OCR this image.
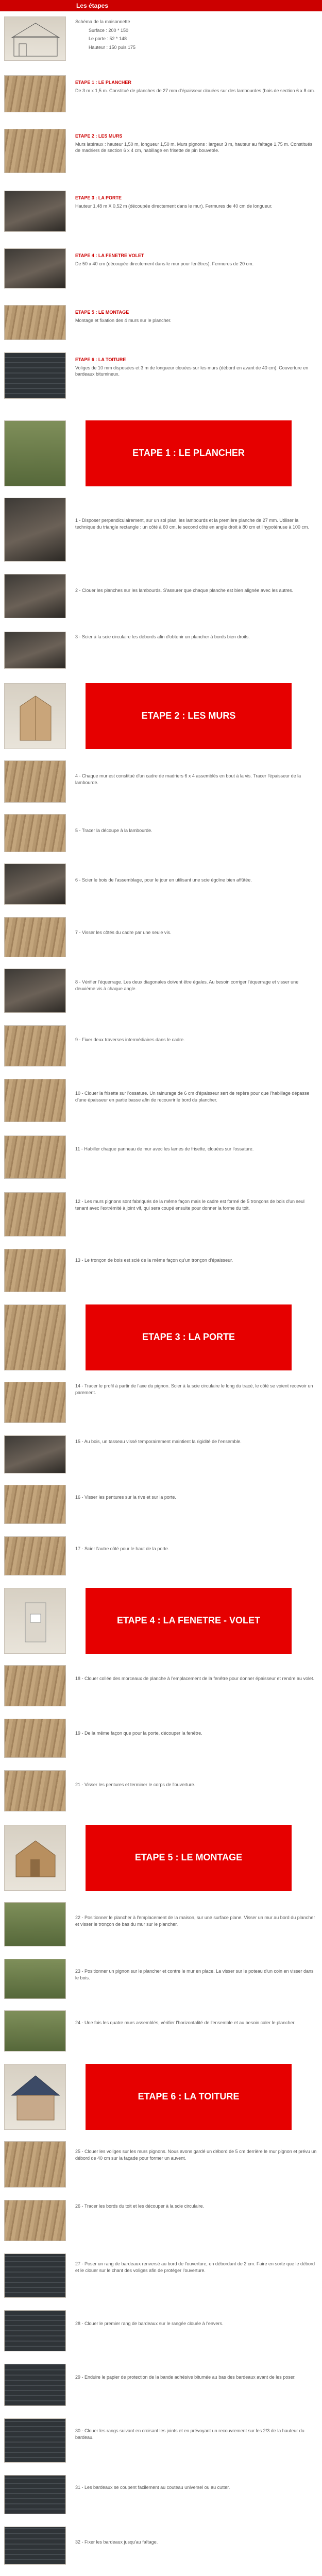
Les étapes

Schéma de la maisonnette

Surface : 200 * 150

Le porte : 52 * 148

Hauteur : 150 puis 175

ETAPE 1 : LE PLANCHER

De 3 m x 1,5 m. Constitué de planches de 27 mm d'épaisseur clouées sur des lambourdes (bois de section 6 x 8 cm.

ETAPE 2 : LES MURS

Murs latéraux : hauteur 1,50 m, longueur 1,50 m. Murs pignons : largeur 3 m, hauteur au faîtage 1,75 m. Constitués de madriers de section 6 x 4 cm, habillage en frisette de pin bouvetée.

ETAPE 3 : LA PORTE

Hauteur 1,48 m X 0,52 m (découpée directement dans le mur). Fermures de 40 cm de longueur.

ETAPE 4 : LA FENETRE VOLET

De 50 x 40 cm (découpée directement dans le mur pour fenêtres). Fermures de 20 cm.

ETAPE 5 : LE MONTAGE

Montage et fixation des 4 murs sur le plancher.

ETAPE 6 : LA TOITURE

Voliges de 10 mm disposées et 3 m de longueur clouées sur les murs (débord en avant de 40 cm). Couverture en bardeaux bitumineux.

ETAPE 1 : LE PLANCHER

1 - Disposer perpendiculairement, sur un sol plan, les lambourds et la première planche de 27 mm. Utiliser la technique du triangle rectangle : un côté à 60 cm, le second côté en angle droit à 80 cm et l'hypoténuse à 100 cm.

2 - Clouer les planches sur les lambourds. S'assurer que chaque planche est bien alignée avec les autres.

3 - Scier à la scie circulaire les débords afin d'obtenir un plancher à bords bien droits.

ETAPE 2 : LES MURS

4 - Chaque mur est constitué d'un cadre de madriers 6 x 4 assemblés en bout à la vis. Tracer l'épaisseur de la lambourde.

5 - Tracer la découpe à la lambourde.

6 - Scier le bois de l'assemblage, pour le jour en utilisant une scie égoïne bien affûtée.

7 - Visser les côtés du cadre par une seule vis.

8 - Vérifier l'équerrage. Les deux diagonales doivent être égales. Au besoin corriger l'équerrage et visser une deuxième vis à chaque angle.

9 - Fixer deux traverses intermédiaires dans le cadre.

10 - Clouer la frisette sur l'ossature. Un rainurage de 6 cm d'épaisseur sert de repère pour que l'habillage dépasse d'une épaisseur en partie basse afin de recouvrir le bord du plancher.

11 - Habiller chaque panneau de mur avec les lames de frisette, clouées sur l'ossature.

12 - Les murs pignons sont fabriqués de la même façon mais le cadre est formé de 5 tronçons de bois d'un seul tenant avec l'extrémité à joint vif, qui sera coupé ensuite pour donner la forme du toit.

13 - Le tronçon de bois est scié de la même façon qu'un tronçon d'épaisseur.

ETAPE 3 : LA PORTE

14 - Tracer le profil à partir de l'axe du pignon. Scier à la scie circulaire le long du tracé, le côté se voient recevoir un parement.

15 - Au bois, un tasseau vissé temporairement maintient la rigidité de l'ensemble.

16 - Visser les pentures sur la rive et sur la porte.

17 - Scier l'autre côté pour le haut de la porte.

ETAPE 4 : LA FENETRE - VOLET

18 - Clouer collée des morceaux de planche à l'emplacement de la fenêtre pour donner épaisseur et rendre au volet.

19 - De la même façon que pour la porte, découper la fenêtre.

21 - Visser les pentures et terminer le corps de l'ouverture.

ETAPE 5 : LE MONTAGE

22 - Positionner le plancher à l'emplacement de la maison, sur une surface plane. Visser un mur au bord du plancher et visser le tronçon de bas du mur sur le plancher.

23 - Positionner un pignon sur le plancher et contre le mur en place. La visser sur le poteau d'un coin en visser dans le bois.

24 - Une fois les quatre murs assemblés, vérifier l'horizontalité de l'ensemble et au besoin caler le plancher.

ETAPE 6 : LA TOITURE

25 - Clouer les voliges sur les murs pignons. Nous avons gardé un débord de 5 cm derrière le mur pignon et prévu un débord de 40 cm sur la façade pour former un auvent.

26 - Tracer les bords du toit et les découper à la scie circulaire.

27 - Poser un rang de bardeaux renversé au bord de l'ouverture, en débordant de 2 cm. Faire en sorte que le débord et le clouer sur le chant des voliges afin de protéger l'ouverture.

28 - Clouer le premier rang de bardeaux sur le rangée clouée à l'envers.

29 - Enduire le papier de protection de la bande adhésive bitumée au bas des bardeaux avant de les poser.

30 - Clouer les rangs suivant en croisant les joints et en prévoyant un recouvrement sur les 2/3 de la hauteur du bardeau.

31 - Les bardeaux se coupent facilement au couteau universel ou au cutter.

32 - Fixer les bardeaux jusqu'au faîtage.
